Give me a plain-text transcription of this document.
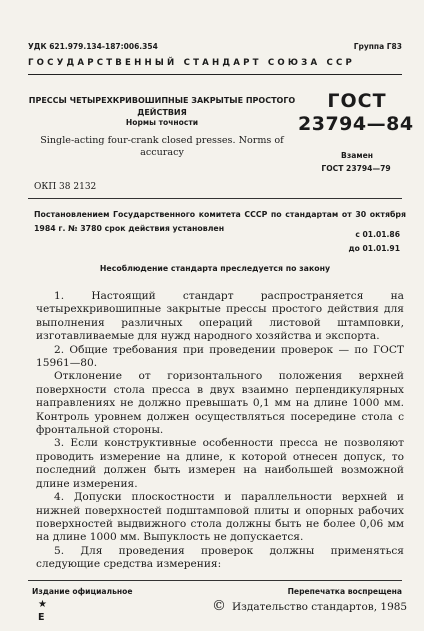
УДК 621.979.134-187:006.354	Группа Г83
ГОСУДАРСТВЕННЫЙ СТАНДАРТ СОЮЗА ССР
ПРЕССЫ ЧЕТЫРЕХКРИВОШИПНЫЕ ЗАКРЫТЫЕ ПРОСТОГО ДЕЙСТВИЯ
Нормы точности
Single-acting four-crank closed presses. Norms of accuracy
ГОСТ
23794—84
Взамен
ГОСТ 23794—79
ОКП 38 2132
Постановлением Государственного комитета СССР по стандартам от 30 октября 1984 г. № 3780 срок действия установлен
с 01.01.86
до 01.01.91
Несоблюдение стандарта преследуется по закону

1. Настоящий стандарт распространяется на четырехкривошипные закрытые прессы простого действия для выполнения различных операций листовой штамповки, изготавливаемые для нужд народного хозяйства и экспорта.

2. Общие требования при проведении проверок — по ГОСТ 15961—80.

Отклонение от горизонтального положения верхней поверхности стола пресса в двух взаимно перпендикулярных направлениях не должно превышать 0,1 мм на длине 1000 мм. Контроль уровнем должен осуществляться посередине стола с фронтальной стороны.

3. Если конструктивные особенности пресса не позволяют проводить измерение на длине, к которой отнесен допуск, то последний должен быть измерен на наибольшей возможной длине измерения.

4. Допуски плоскостности и параллельности верхней и нижней поверхностей подштамповой плиты и опорных рабочих поверхностей выдвижного стола должны быть не более 0,06 мм на длине 1000 мм. Выпуклость не допускается.

5. Для проведения проверок должны применяться следующие средства измерения:

Издание официальное	Перепечатка воспрещена
★
Е
© Издательство стандартов, 1985
